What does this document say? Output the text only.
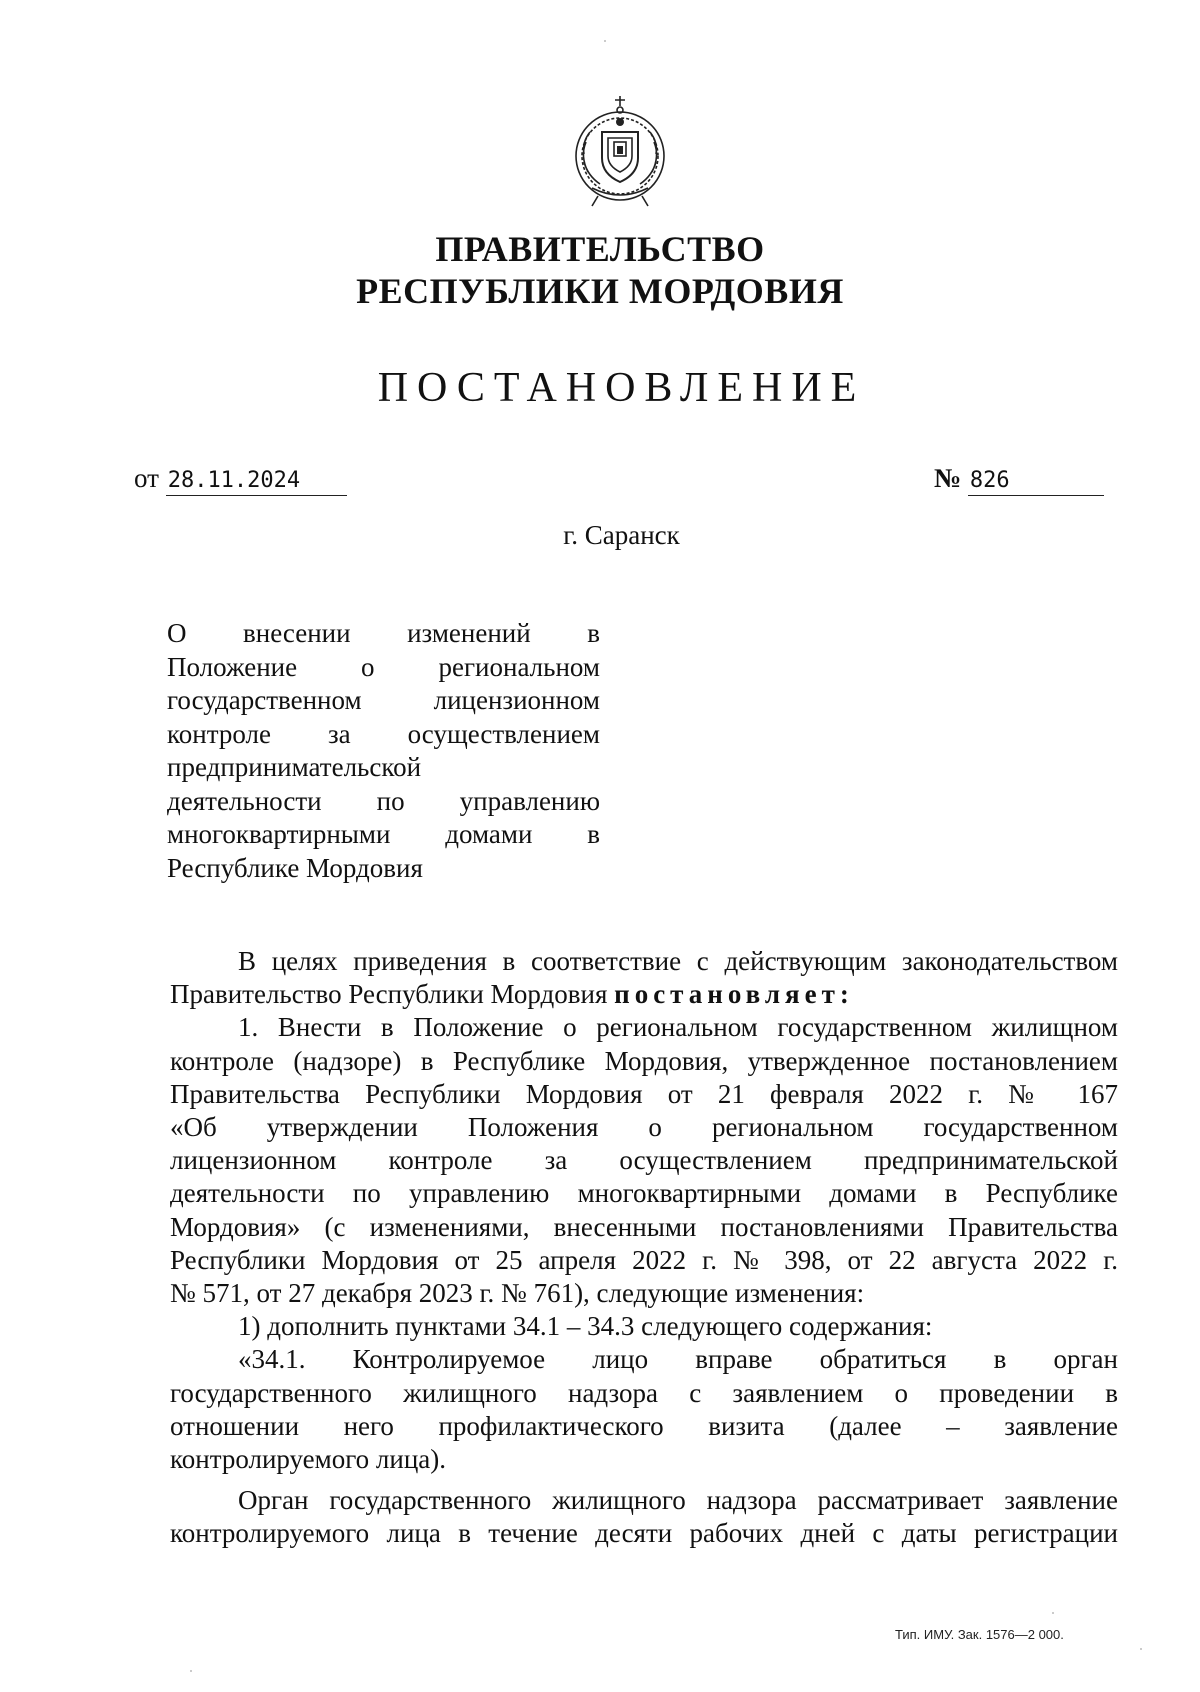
ПРАВИТЕЛЬСТВО
РЕСПУБЛИКИ МОРДОВИЯ
ПОСТАНОВЛЕНИЕ
от 28.11.2024	№ 826
г. Саранск
О внесении изменений в
Положение о региональном
государственном лицензионном
контроле за осуществлением
предпринимательской
деятельности по управлению
многоквартирными домами в
Республике Мордовия
В целях приведения в соответствие с действующим законодательством
Правительство Республики Мордовия постановляет:
1. Внести в Положение о региональном государственном жилищном
контроле (надзоре) в Республике Мордовия, утвержденное постановлением
Правительства Республики Мордовия от 21 февраля 2022 г. № 167
«Об утверждении Положения о региональном государственном
лицензионном контроле за осуществлением предпринимательской
деятельности по управлению многоквартирными домами в Республике
Мордовия» (с изменениями, внесенными постановлениями Правительства
Республики Мордовия от 25 апреля 2022 г. № 398, от 22 августа 2022 г.
№ 571, от 27 декабря 2023 г. № 761), следующие изменения:
1) дополнить пунктами 34.1 – 34.3 следующего содержания:
«34.1. Контролируемое лицо вправе обратиться в орган
государственного жилищного надзора с заявлением о проведении в
отношении него профилактического визита (далее – заявление
контролируемого лица).
Орган государственного жилищного надзора рассматривает заявление
контролируемого лица в течение десяти рабочих дней с даты регистрации
Тип. ИМУ. Зак. 1576—2 000.
